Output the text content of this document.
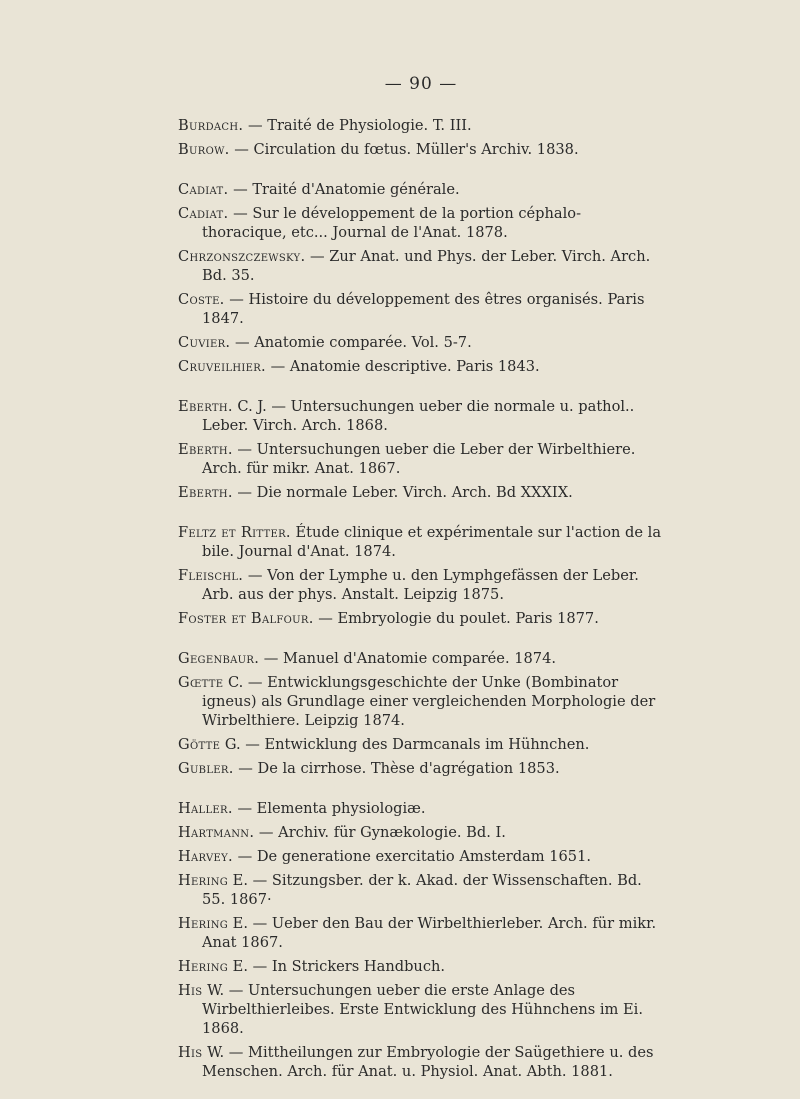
— 90 —

Burdach. — Traité de Physiologie. T. III.

Burow. — Circulation du fœtus. Müller's Archiv. 1838.

Cadiat. — Traité d'Anatomie générale.

Cadiat. — Sur le développement de la portion céphalo-thoracique, etc... Journal de l'Anat. 1878.

Chrzonszczewsky. — Zur Anat. und Phys. der Leber. Virch. Arch. Bd. 35.

Coste. — Histoire du développement des êtres organisés. Paris 1847.

Cuvier. — Anatomie comparée. Vol. 5-7.

Cruveilhier. — Anatomie descriptive. Paris 1843.

Eberth. C. J. — Untersuchungen ueber die normale u. pathol.. Leber. Virch. Arch. 1868.

Eberth. — Untersuchungen ueber die Leber der Wirbelthiere. Arch. für mikr. Anat. 1867.

Eberth. — Die normale Leber. Virch. Arch. Bd XXXIX.

Feltz et Ritter. Étude clinique et expérimentale sur l'action de la bile. Journal d'Anat. 1874.

Fleischl. — Von der Lymphe u. den Lymphgefässen der Leber. Arb. aus der phys. Anstalt. Leipzig 1875.

Foster et Balfour. — Embryologie du poulet. Paris 1877.

Gegenbaur. — Manuel d'Anatomie comparée. 1874.

Gœtte C. — Entwicklungsgeschichte der Unke (Bombinator igneus) als Grundlage einer vergleichenden Morphologie der Wirbelthiere. Leipzig 1874.

Götte G. — Entwicklung des Darmcanals im Hühnchen.

Gubler. — De la cirrhose. Thèse d'agrégation 1853.

Haller. — Elementa physiologiæ.

Hartmann. — Archiv. für Gynækologie. Bd. I.

Harvey. — De generatione exercitatio Amsterdam 1651.

Hering E. — Sitzungsber. der k. Akad. der Wissenschaften. Bd. 55. 1867·

Hering E. — Ueber den Bau der Wirbelthierleber. Arch. für mikr. Anat 1867.

Hering E. — In Strickers Handbuch.

His W. — Untersuchungen ueber die erste Anlage des Wirbelthierleibes. Erste Entwicklung des Hühnchens im Ei. 1868.

His W. — Mittheilungen zur Embryologie der Saügethiere u. des Menschen. Arch. für Anat. u. Physiol. Anat. Abth. 1881.
